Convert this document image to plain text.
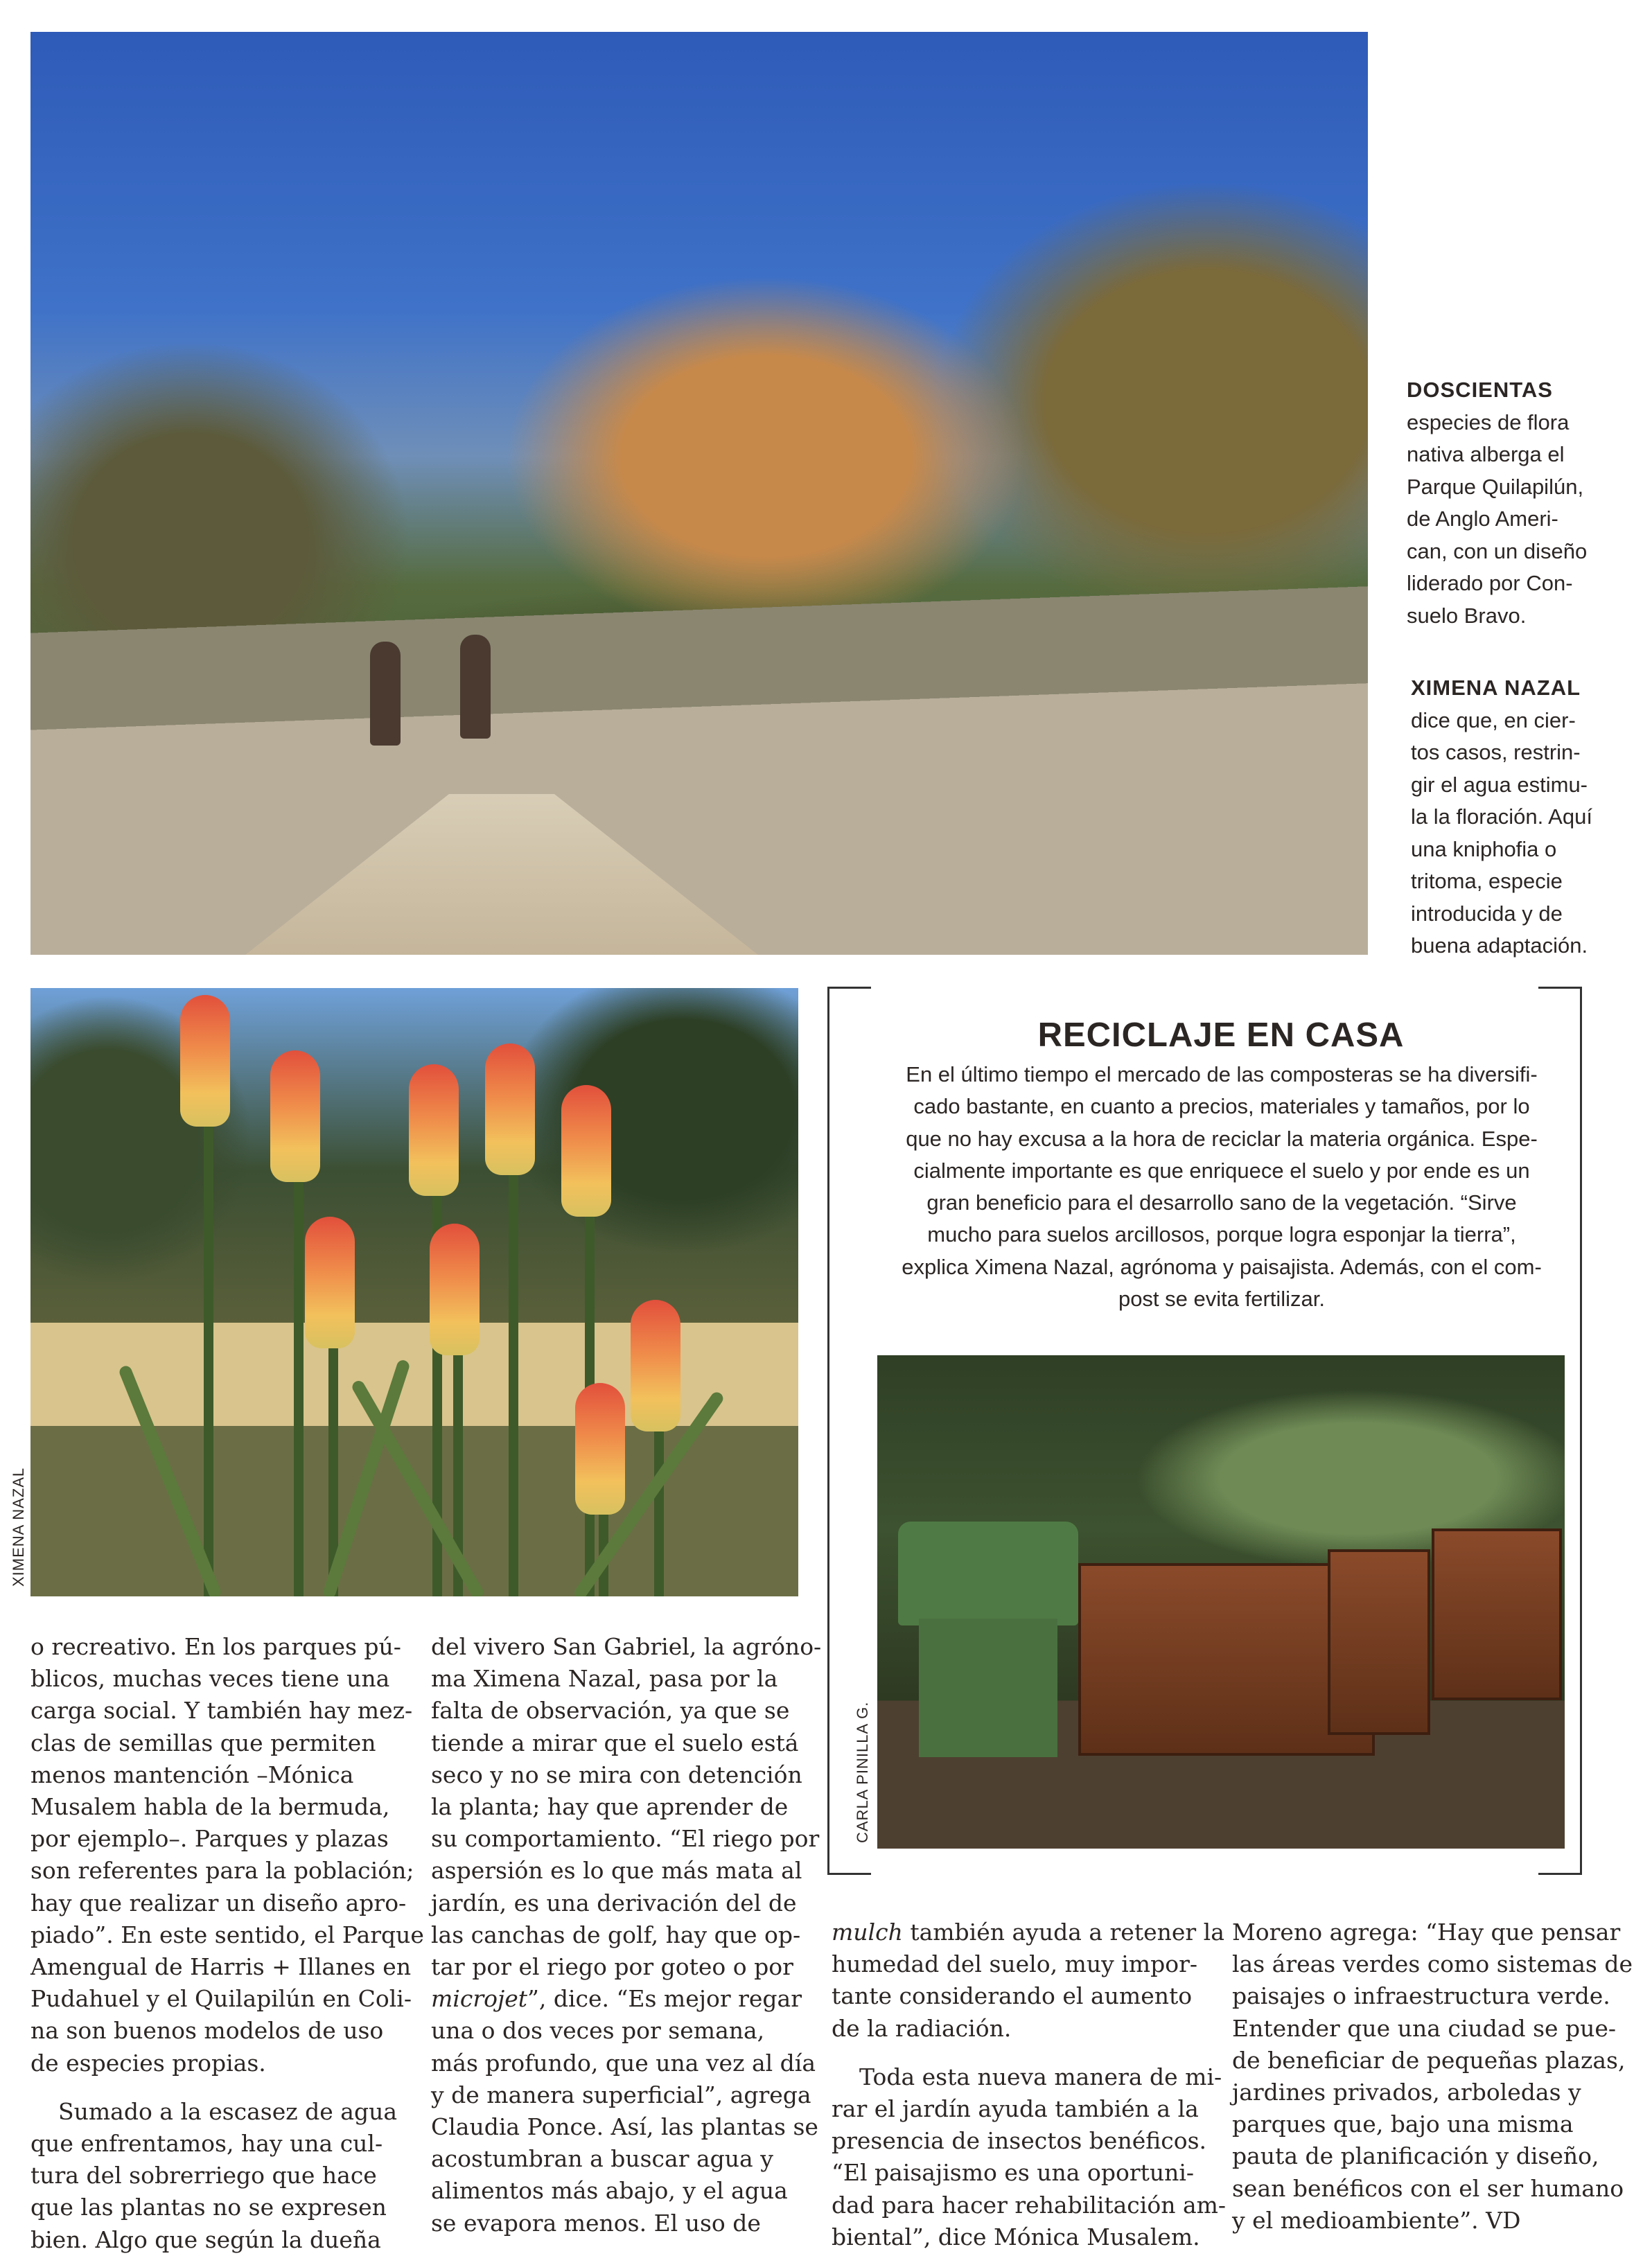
DOSCIENTAS
especies de flora
nativa alberga el
Parque Quilapilún,
de Anglo Ameri-
can, con un diseño
liderado por Con-
suelo Bravo.
XIMENA NAZAL
dice que, en cier-
tos casos, restrin-
gir el agua estimu-
la la floración. Aquí
una kniphofia o
tritoma, especie
introducida y de
buena adaptación.
XIMENA NAZAL
RECICLAJE EN CASA
En el último tiempo el mercado de las composteras se ha diversifi-
cado bastante, en cuanto a precios, materiales y tamaños, por lo
que no hay excusa a la hora de reciclar la materia orgánica. Espe-
cialmente importante es que enriquece el suelo y por ende es un
gran beneficio para el desarrollo sano de la vegetación. “Sirve
mucho para suelos arcillosos, porque logra esponjar la tierra”,
explica Ximena Nazal, agrónoma y paisajista. Además, con el com-
post se evita fertilizar.
CARLA PINILLA G.
o recreativo. En los parques pú-
blicos, muchas veces tiene una
carga social. Y también hay mez-
clas de semillas que permiten
menos mantención –Mónica
Musalem habla de la bermuda,
por ejemplo–. Parques y plazas
son referentes para la población;
hay que realizar un diseño apro-
piado”. En este sentido, el Parque
Amengual de Harris + Illanes en
Pudahuel y el Quilapilún en Coli-
na son buenos modelos de uso
de especies propias.
Sumado a la escasez de agua
que enfrentamos, hay una cul-
tura del sobrerriego que hace
que las plantas no se expresen
bien. Algo que según la dueña
del vivero San Gabriel, la agróno-
ma Ximena Nazal, pasa por la
falta de observación, ya que se
tiende a mirar que el suelo está
seco y no se mira con detención
la planta; hay que aprender de
su comportamiento. “El riego por
aspersión es lo que más mata al
jardín, es una derivación del de
las canchas de golf, hay que op-
tar por el riego por goteo o por
microjet”, dice. “Es mejor regar
una o dos veces por semana,
más profundo, que una vez al día
y de manera superficial”, agrega
Claudia Ponce. Así, las plantas se
acostumbran a buscar agua y
alimentos más abajo, y el agua
se evapora menos. El uso de
mulch también ayuda a retener la
humedad del suelo, muy impor-
tante considerando el aumento
de la radiación.
Toda esta nueva manera de mi-
rar el jardín ayuda también a la
presencia de insectos benéficos.
“El paisajismo es una oportuni-
dad para hacer rehabilitación am-
biental”, dice Mónica Musalem.
Moreno agrega: “Hay que pensar
las áreas verdes como sistemas de
paisajes o infraestructura verde.
Entender que una ciudad se pue-
de beneficiar de pequeñas plazas,
jardines privados, arboledas y
parques que, bajo una misma
pauta de planificación y diseño,
sean benéficos con el ser humano
y el medioambiente”. VD
